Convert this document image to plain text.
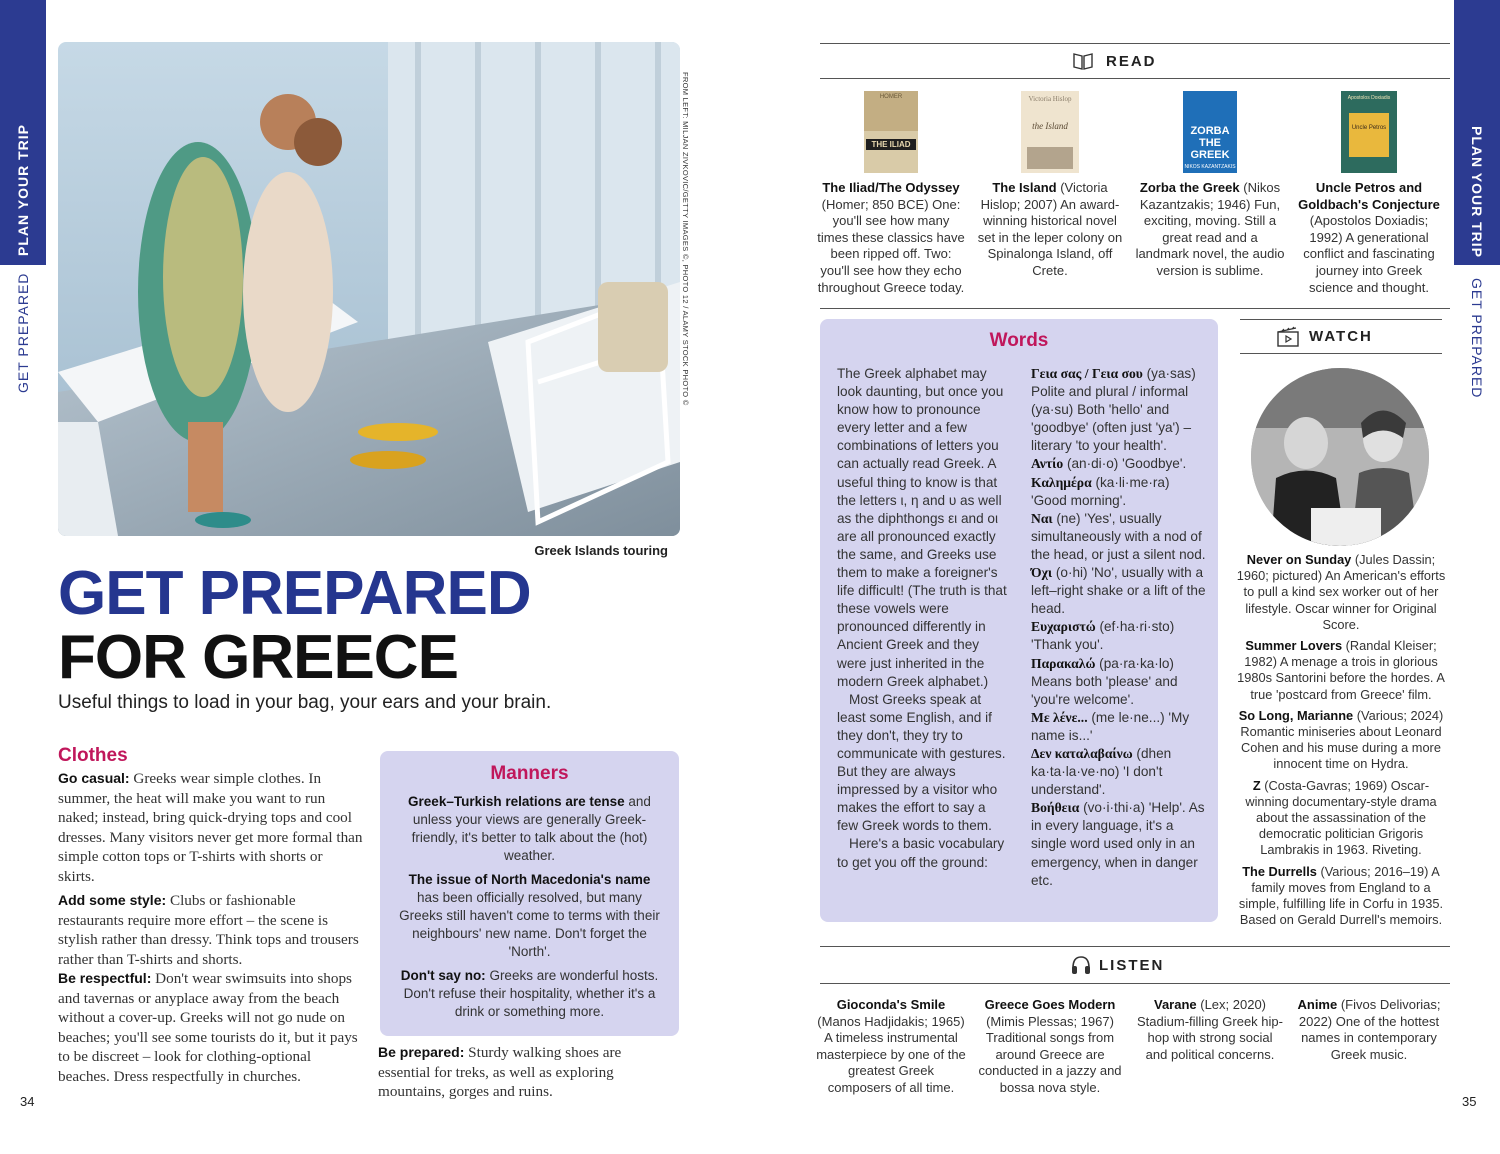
PLAN YOUR TRIP
GET PREPARED	FROM LEFT: MILJAN ZIVKOVIC/GETTY IMAGES ©, PHOTO 12 / ALAMY STOCK PHOTO ©
Greek Islands touring
GET PREPARED
FOR GREECE
Useful things to load in your bag, your ears and your brain.
Clothes
Go casual: Greeks wear simple clothes. In summer, the heat will make you want to run naked; instead, bring quick-drying tops and cool dresses. Many visitors never get more formal than simple cotton tops or T-shirts with shorts or skirts.
Add some style: Clubs or fashionable restaurants require more effort – the scene is stylish rather than dressy. Think tops and trousers rather than T-shirts and shorts.
Be respectful: Don't wear swimsuits into shops and tavernas or anyplace away from the beach without a cover-up. Greeks will not go nude on beaches; you'll see some tourists do it, but it pays to be discreet – look for clothing-optional beaches. Dress respectfully in churches.
Manners

Greek–Turkish relations are tense and unless your views are generally Greek-friendly, it's better to talk about the (hot) weather.

The issue of North Macedonia's name has been officially resolved, but many Greeks still haven't come to terms with their neighbours' new name. Don't forget the 'North'.

Don't say no: Greeks are wonderful hosts. Don't refuse their hospitality, whether it's a drink or something more.

Be prepared: Sturdy walking shoes are essential for treks, as well as exploring mountains, gorges and ruins.
34
READ
THE ILIAD
HOMER	Victoria Hislop
the Island	ZORBA THE GREEK
NIKOS KAZANTZAKIS
Apostolos Doxiadis
Uncle Petros
The Iliad/The Odyssey (Homer; 850 BCE) One: you'll see how many times these classics have been ripped off. Two: you'll see how they echo throughout Greece today.
The Island (Victoria Hislop; 2007) An award-winning historical novel set in the leper colony on Spinalonga Island, off Crete.
Zorba the Greek (Nikos Kazantzakis; 1946) Fun, exciting, moving. Still a great read and a landmark novel, the audio version is sublime.
Uncle Petros and Goldbach's Conjecture (Apostolos Doxiadis; 1992) A generational conflict and fascinating journey into Greek science and thought.
Words
The Greek alphabet may look daunting, but once you know how to pronounce every letter and a few combinations of letters you can actually read Greek. A useful thing to know is that the letters ι, η and υ as well as the diphthongs ει and οι are all pronounced exactly the same, and Greeks use them to make a foreigner's life difficult! (The truth is that these vowels were pronounced differently in Ancient Greek and they were just inherited in the modern Greek alphabet.)
Most Greeks speak at least some English, and if they don't, they try to communicate with gestures. But they are always impressed by a visitor who makes the effort to say a few Greek words to them.
Here's a basic vocabulary to get you off the ground:
Γεια σας / Γεια σου (ya·sas) Polite and plural / informal (ya·su) Both 'hello' and 'goodbye' (often just 'ya') – literary 'to your health'.
Αντίο (an·di·o) 'Goodbye'.
Καλημέρα (ka·li·me·ra) 'Good morning'.
Ναι (ne) 'Yes', usually simultaneously with a nod of the head, or just a silent nod.
Όχι (o·hi) 'No', usually with a left–right shake or a lift of the head.
Ευχαριστώ (ef·ha·ri·sto) 'Thank you'.
Παρακαλώ (pa·ra·ka·lo) Means both 'please' and 'you're welcome'.
Με λένε... (me le·ne...) 'My name is...'
Δεν καταλαβαίνω (dhen ka·ta·la·ve·no) 'I don't understand'.
Βοήθεια (vo·i·thi·a) 'Help'. As in every language, it's a single word used only in an emergency, when in danger etc.
WATCH
Never on Sunday (Jules Dassin; 1960; pictured) An American's efforts to pull a kind sex worker out of her lifestyle. Oscar winner for Original Score.
Summer Lovers (Randal Kleiser; 1982) A menage a trois in glorious 1980s Santorini before the hordes. A true 'postcard from Greece' film.
So Long, Marianne (Various; 2024) Romantic miniseries about Leonard Cohen and his muse during a more innocent time on Hydra.
Z (Costa-Gavras; 1969) Oscar-winning documentary-style drama about the assassination of the democratic politician Grigoris Lambrakis in 1963. Riveting.
The Durrells (Various; 2016–19) A family moves from England to a simple, fulfilling life in Corfu in 1935. Based on Gerald Durrell's memoirs.
LISTEN
Gioconda's Smile (Manos Hadjidakis; 1965) A timeless instrumental masterpiece by one of the greatest Greek composers of all time.
Greece Goes Modern (Mimis Plessas; 1967) Traditional songs from around Greece are conducted in a jazzy and bossa nova style.
Varane (Lex; 2020) Stadium-filling Greek hip-hop with strong social and political concerns.
Anime (Fivos Delivorias; 2022) One of the hottest names in contemporary Greek music.
35
PLAN YOUR TRIP
GET PREPARED
